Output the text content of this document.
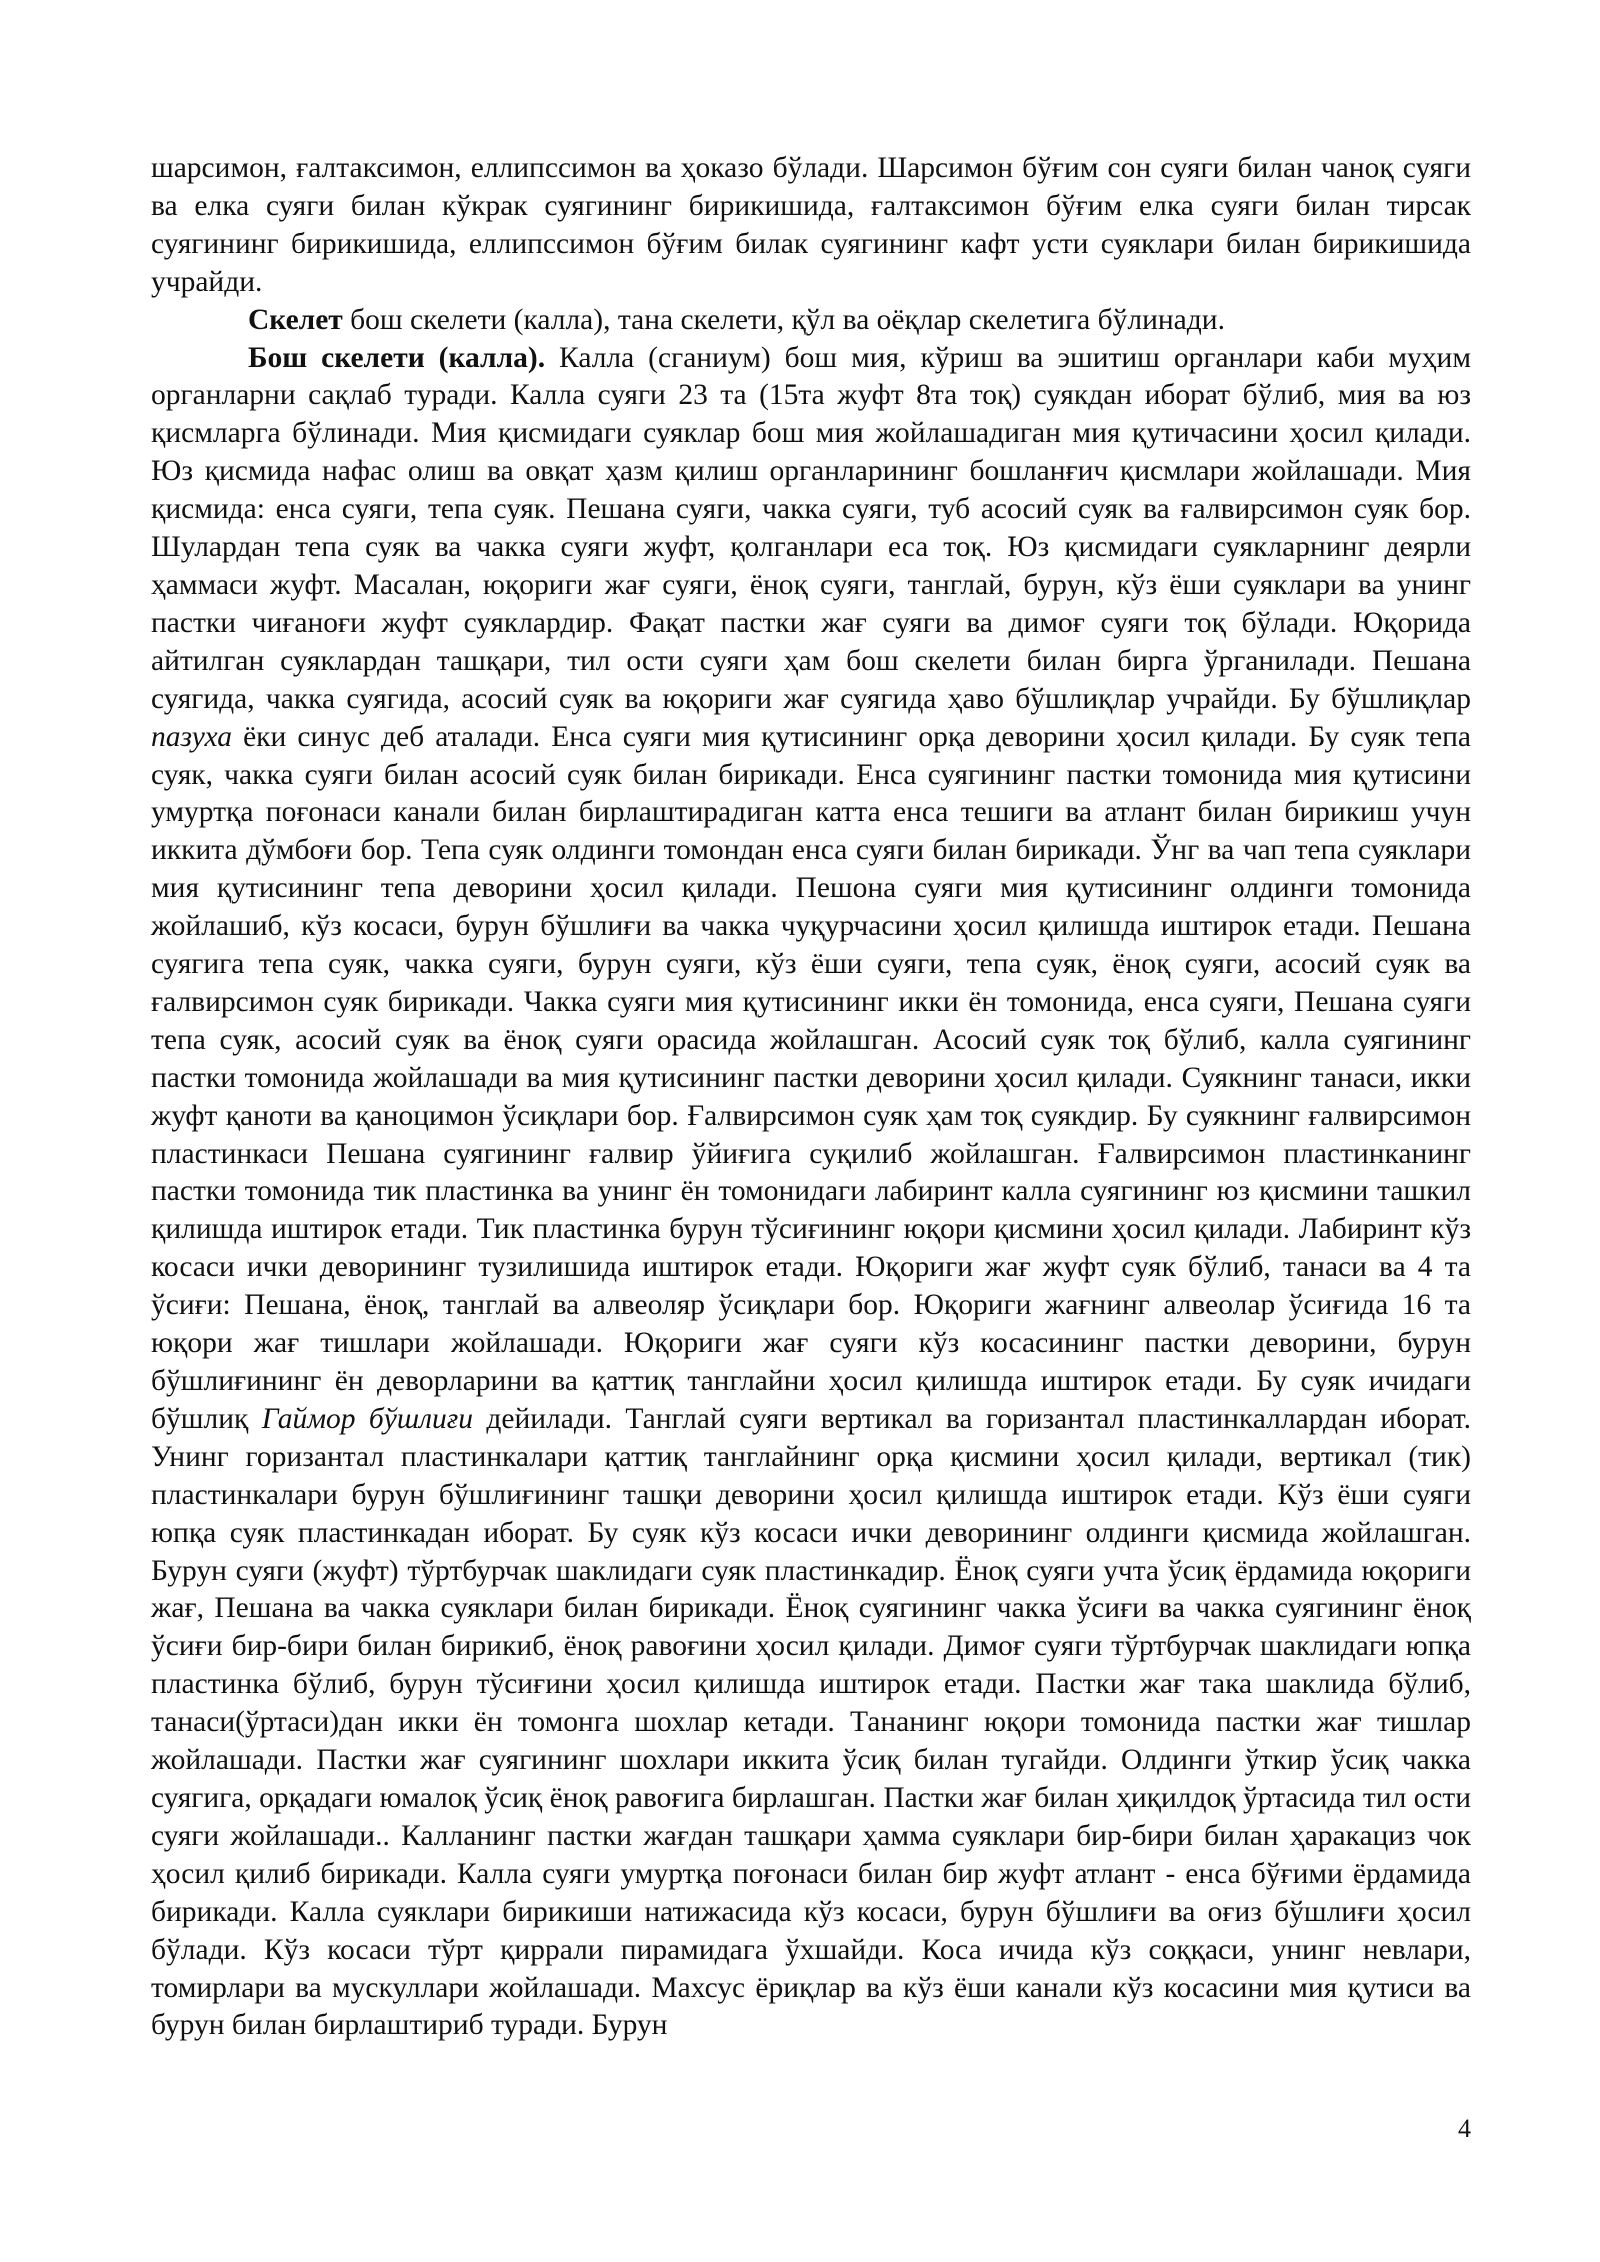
шарсимон, ғалтаксимон, еллипссимон ва ҳоказо бўлади. Шарсимон бўғим сон суяги билан чаноқ суяги ва елка суяги билан кўкрак суягининг бирикишида, ғалтаксимон бўғим елка суяги билан тирсак суягининг бирикишида, еллипссимон бўғим билак суягининг кафт усти суяклари билан бирикишида учрайди.

Скелет бош скелети (калла), тана скелети, қўл ва оёқлар скелетига бўлинади.

Бош скелети (калла). Калла (сганиум) бош мия, кўриш ва эшитиш органлари каби муҳим органларни сақлаб туради. Калла суяги 23 та (15та жуфт 8та тоқ) суякдан иборат бўлиб, мия ва юз қисмларга бўлинади. Мия қисмидаги суяклар бош мия жойлашадиган мия қутичасини ҳосил қилади. Юз қисмида нафас олиш ва овқат ҳазм қилиш органларининг бошланғич қисмлари жойлашади. Мия қисмида: енса суяги, тепа суяк. Пешана суяги, чакка суяги, туб асосий суяк ва ғалвирсимон суяк бор. Шулардан тепа суяк ва чакка суяги жуфт, қолганлари еса тоқ. Юз қисмидаги суякларнинг деярли ҳаммаси жуфт. Масалан, юқориги жағ суяги, ёноқ суяги, танглай, бурун, кўз ёши суяклари ва унинг пастки чиғаноғи жуфт суяклардир. Фақат пастки жағ суяги ва димоғ суяги тоқ бўлади. Юқорида айтилган суяклардан ташқари, тил ости суяги ҳам бош скелети билан бирга ўрганилади. Пешана суягида, чакка суягида, асосий суяк ва юқориги жағ суягида ҳаво бўшлиқлар учрайди. Бу бўшлиқлар пазуха ёки синус деб аталади. Енса суяги мия қутисининг орқа деворини ҳосил қилади. Бу суяк тепа суяк, чакка суяги билан асосий суяк билан бирикади. Енса суягининг пастки томонида мия қутисини умуртқа поғонаси канали билан бирлаштирадиган катта енса тешиги ва атлант билан бирикиш учун иккита дўмбоғи бор. Тепа суяк олдинги томондан енса суяги билан бирикади. Ўнг ва чап тепа суяклари мия қутисининг тепа деворини ҳосил қилади. Пешона суяги мия қутисининг олдинги томонида жойлашиб, кўз косаси, бурун бўшлиғи ва чакка чуқурчасини ҳосил қилишда иштирок етади. Пешана суягига тепа суяк, чакка суяги, бурун суяги, кўз ёши суяги, тепа суяк, ёноқ суяги, асосий суяк ва ғалвирсимон суяк бирикади. Чакка суяги мия қутисининг икки ён томонида, енса суяги, Пешана суяги тепа суяк, асосий суяк ва ёноқ суяги орасида жойлашган. Асосий суяк тоқ бўлиб, калла суягининг пастки томонида жойлашади ва мия қутисининг пастки деворини ҳосил қилади. Суякнинг танаси, икки жуфт қаноти ва қаноцимон ўсиқлари бор. Ғалвирсимон суяк ҳам тоқ суякдир. Бу суякнинг ғалвирсимон пластинкаси Пешана суягининг ғалвир ўйиғига суқилиб жойлашган. Ғалвирсимон пластинканинг пастки томонида тик пластинка ва унинг ён томонидаги лабиринт калла суягининг юз қисмини ташкил қилишда иштирок етади. Тик пластинка бурун тўсиғининг юқори қисмини ҳосил қилади. Лабиринт кўз косаси ички деворининг тузилишида иштирок етади. Юқориги жағ жуфт суяк бўлиб, танаси ва 4 та ўсиғи: Пешана, ёноқ, танглай ва алвеоляр ўсиқлари бор. Юқориги жағнинг алвеолар ўсиғида 16 та юқори жағ тишлари жойлашади. Юқориги жағ суяги кўз косасининг пастки деворини, бурун бўшлиғининг ён деворларини ва қаттиқ танглайни ҳосил қилишда иштирок етади. Бу суяк ичидаги бўшлиқ Гаймор бўшлиғи дейилади. Танглай суяги вертикал ва горизантал пластинкаллардан иборат. Унинг горизантал пластинкалари қаттиқ танглайнинг орқа қисмини ҳосил қилади, вертикал (тик) пластинкалари бурун бўшлиғининг ташқи деворини ҳосил қилишда иштирок етади. Кўз ёши суяги юпқа суяк пластинкадан иборат. Бу суяк кўз косаси ички деворининг олдинги қисмида жойлашган. Бурун суяги (жуфт) тўртбурчак шаклидаги суяк пластинкадир. Ёноқ суяги учта ўсиқ ёрдамида юқориги жағ, Пешана ва чакка суяклари билан бирикади. Ёноқ суягининг чакка ўсиғи ва чакка суягининг ёноқ ўсиғи бир-бири билан бирикиб, ёноқ равоғини ҳосил қилади. Димоғ суяги тўртбурчак шаклидаги юпқа пластинка бўлиб, бурун тўсиғини ҳосил қилишда иштирок етади. Пастки жағ така шаклида бўлиб, танаси(ўртаси)дан икки ён томонга шохлар кетади. Тананинг юқори томонида пастки жағ тишлар жойлашади. Пастки жағ суягининг шохлари иккита ўсиқ билан тугайди. Олдинги ўткир ўсиқ чакка суягига, орқадаги юмалоқ ўсиқ ёноқ равоғига бирлашган. Пастки жағ билан ҳиқилдоқ ўртасида тил ости суяги жойлашади.. Калланинг пастки жағдан ташқари ҳамма суяклари бир-бири билан ҳаракациз чок ҳосил қилиб бирикади. Калла суяги умуртқа поғонаси билан бир жуфт атлант - енса бўғими ёрдамида бирикади. Калла суяклари бирикиши натижасида кўз косаси, бурун бўшлиғи ва оғиз бўшлиғи ҳосил бўлади. Кўз косаси тўрт қиррали пирамидага ўхшайди. Коса ичида кўз соққаси, унинг невлари, томирлари ва мускуллари жойлашади. Махсус ёриқлар ва кўз ёши канали кўз косасини мия қутиси ва бурун билан бирлаштириб туради. Бурун

4
